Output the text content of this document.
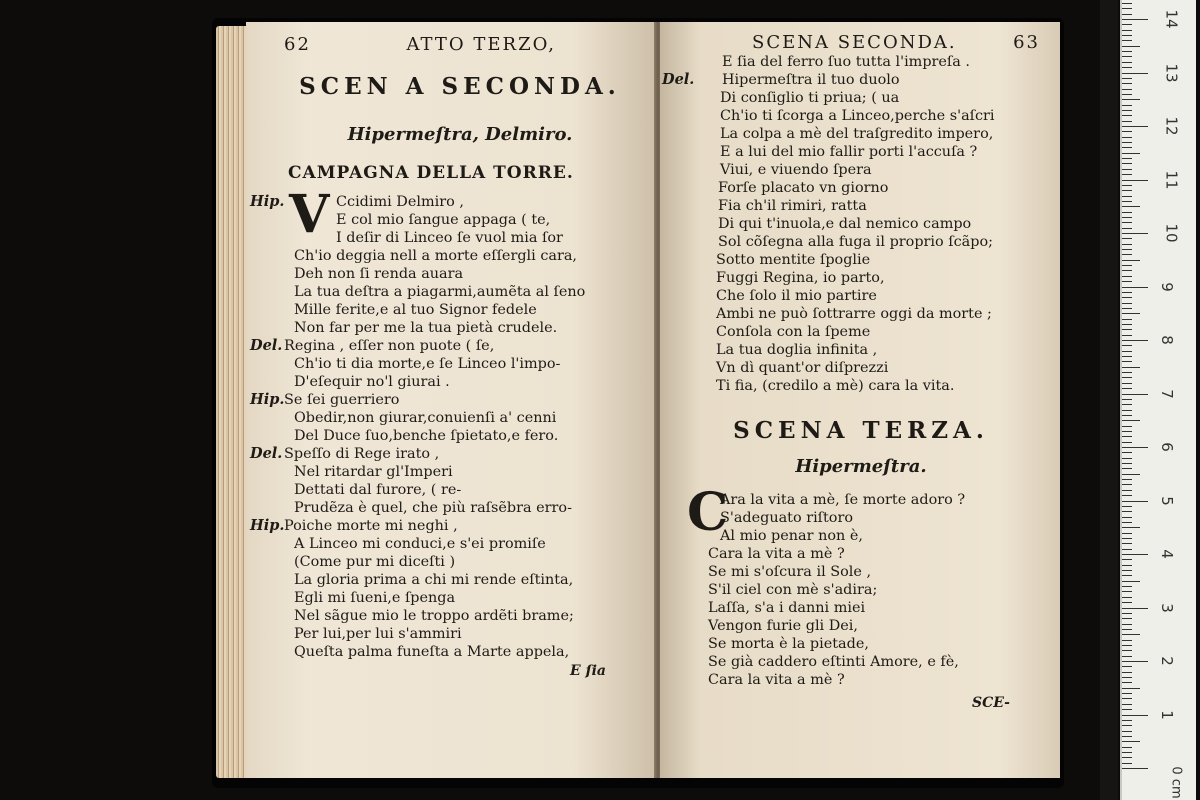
62	ATTO TERZO,
SCEN A SECONDA.
Hipermeſtra, Delmiro.
CAMPAGNA DELLA TORRE.
Hip. V Ccidimi Delmiro ,
E col mio ſangue appaga ( te,
I deſir di Linceo ſe vuol mia ſor
Ch'io deggia nell a morte eſſergli cara,
Deh non ſi renda auara
La tua deſtra a piagarmi,aumẽta al ſeno
Mille ferite,e al tuo Signor fedele
Non far per me la tua pietà crudele.
Del. Regina , eſſer non puote ( ſe,
Ch'io ti dia morte,e ſe Linceo l'impo-
D'eſequir no'l giurai .
Hip. Se ſei guerriero
Obedir,non giurar,conuienſi a' cenni
Del Duce ſuo,benche ſpietato,e fero.
Del. Speſſo di Rege irato ,
Nel ritardar gl'Imperi
Dettati dal furore, ( re-
Prudẽza è quel, che più raſsẽbra erro-
Hip. Poiche morte mi neghi ,
A Linceo mi conduci,e s'ei promiſe
(Come pur mi diceſti )
La gloria prima a chi mi rende eſtinta,
Egli mi ſueni,e ſpenga
Nel sãgue mio le troppo ardẽti brame;
Per lui,per lui s'ammiri
Queſta palma funeſta a Marte appela,
E ſia
SCENA SECONDA.	63
E ſia del ferro ſuo tutta l'impreſa .
Del. Hipermeſtra il tuo duolo
Di conſiglio ti priua; ( ua
Ch'io ti ſcorga a Linceo,perche s'aſcri
La colpa a mè del traſgredito impero,
E a lui del mio fallir porti l'accuſa ?
Viui, e viuendo ſpera
Forſe placato vn giorno
Fia ch'il rimiri, ratta
Di qui t'inuola,e dal nemico campo
Sol cõſegna alla fuga il proprio ſcãpo;
Sotto mentite ſpoglie
Fuggi Regina, io parto,
Che ſolo il mio partire
Ambi ne può ſottrarre oggi da morte ;
Conſola con la ſpeme
La tua doglia infinita ,
Vn dì quant'or diſprezzi
Ti fia, (credilo a mè) cara la vita.
SCENA TERZA.
Hipermeſtra.
C
Ara la vita a mè, ſe morte adoro ?
S'adeguato riſtoro
Al mio penar non è,
Cara la vita a mè ?
Se mi s'oſcura il Sole ,
S'il ciel con mè s'adira;
Laſſa, s'a i danni miei
Vengon furie gli Dei,
Se morta è la pietade,
Se già caddero eſtinti Amore, e fè,
Cara la vita a mè ?
SCE-
0 cm
1
2
3
4
5
6
7
8
9
10
11
12
13
14
